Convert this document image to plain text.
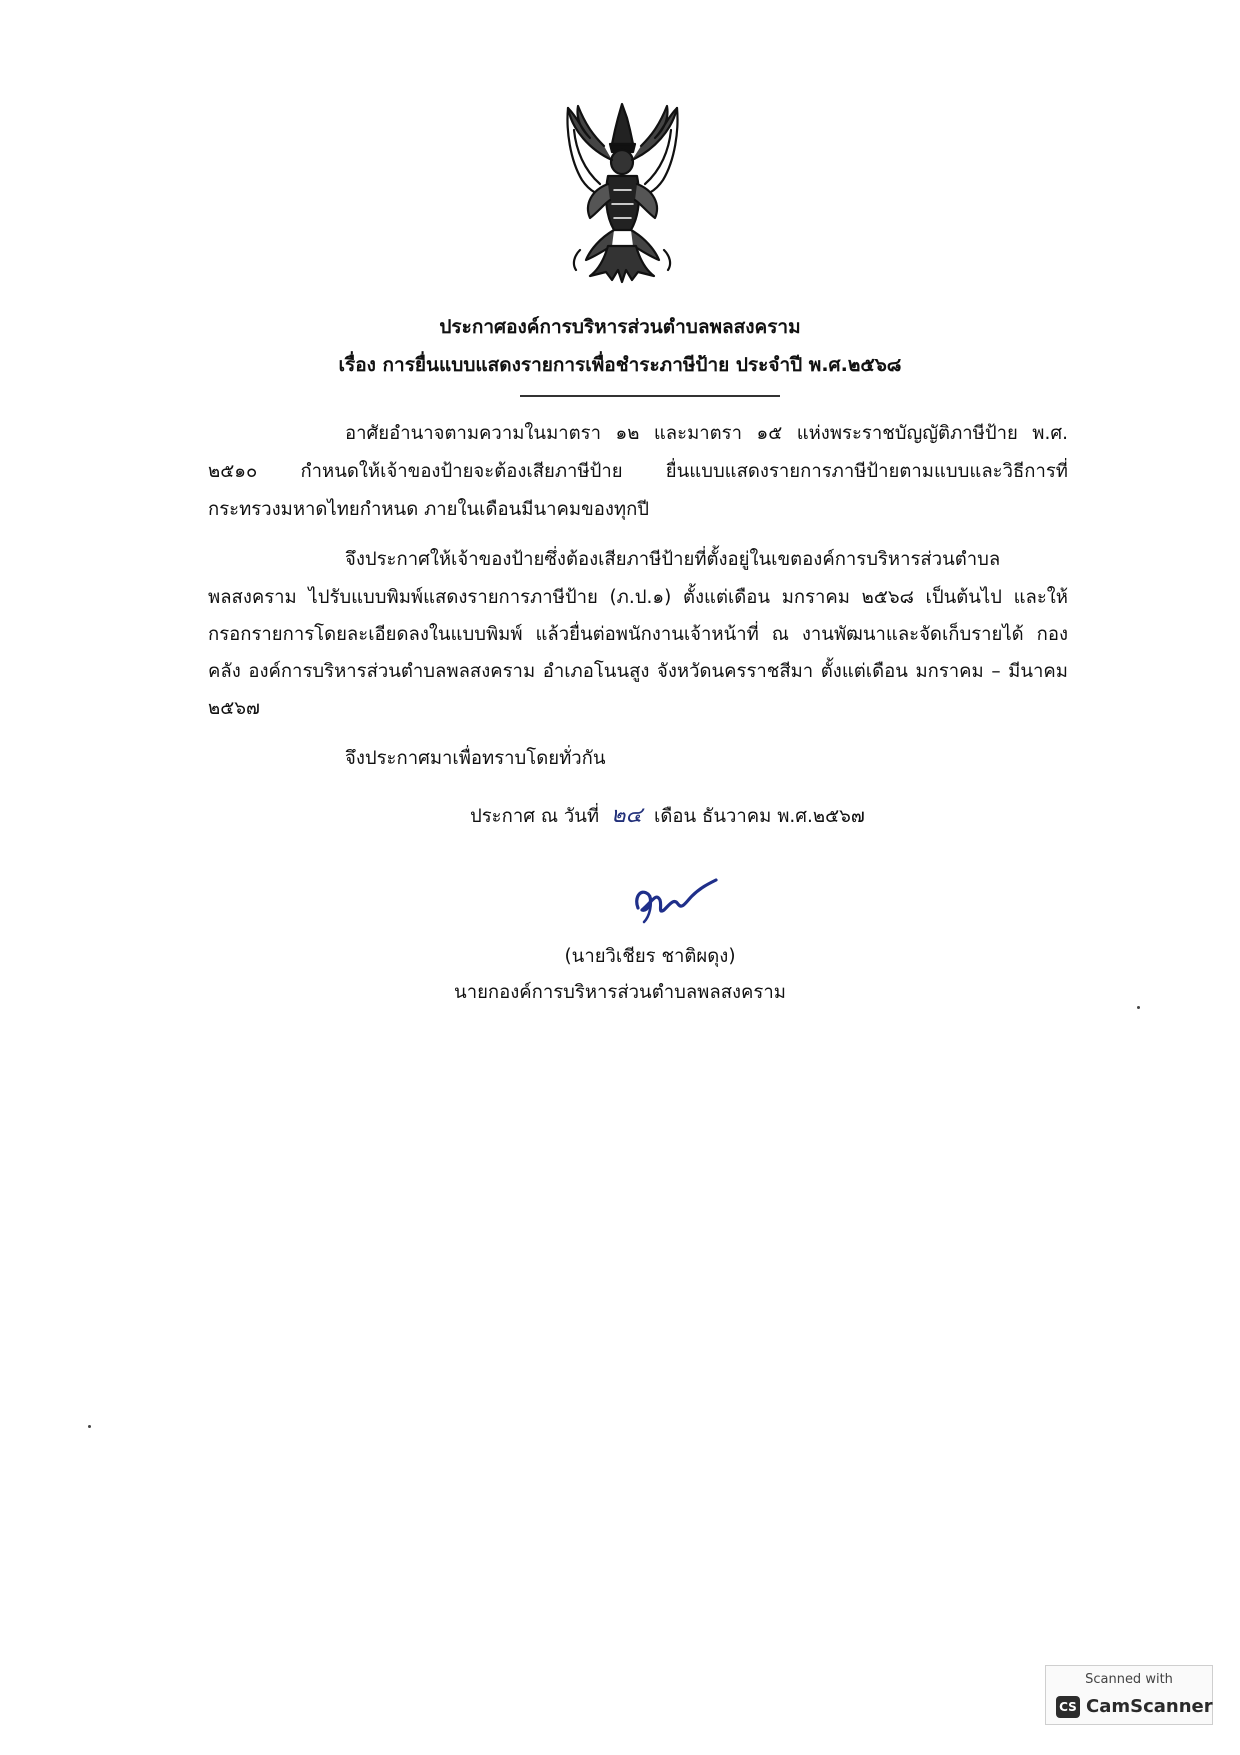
ประกาศองค์การบริหารส่วนตำบลพลสงคราม
เรื่อง การยื่นแบบแสดงรายการเพื่อชำระภาษีป้าย ประจำปี พ.ศ.๒๕๖๘
อาศัยอำนาจตามความในมาตรา ๑๒ และมาตรา ๑๕ แห่งพระราชบัญญัติภาษีป้าย พ.ศ.
๒๕๑๐ กำหนดให้เจ้าของป้ายจะต้องเสียภาษีป้าย ยื่นแบบแสดงรายการภาษีป้ายตามแบบและวิธีการที่
กระทรวงมหาดไทยกำหนด ภายในเดือนมีนาคมของทุกปี
จึงประกาศให้เจ้าของป้ายซึ่งต้องเสียภาษีป้ายที่ตั้งอยู่ในเขตองค์การบริหารส่วนตำบล
พลสงคราม ไปรับแบบพิมพ์แสดงรายการภาษีป้าย (ภ.ป.๑) ตั้งแต่เดือน มกราคม ๒๕๖๘ เป็นต้นไป และให้
กรอกรายการโดยละเอียดลงในแบบพิมพ์ แล้วยื่นต่อพนักงานเจ้าหน้าที่ ณ งานพัฒนาและจัดเก็บรายได้ กอง
คลัง องค์การบริหารส่วนตำบลพลสงคราม อำเภอโนนสูง จังหวัดนครราชสีมา ตั้งแต่เดือน มกราคม – มีนาคม
๒๕๖๗
จึงประกาศมาเพื่อทราบโดยทั่วกัน
ประกาศ ณ วันที่ ๒๔ เดือน ธันวาคม พ.ศ.๒๕๖๗
(นายวิเชียร ชาติผดุง)
นายกองค์การบริหารส่วนตำบลพลสงคราม
Scanned with
CS CamScanner
